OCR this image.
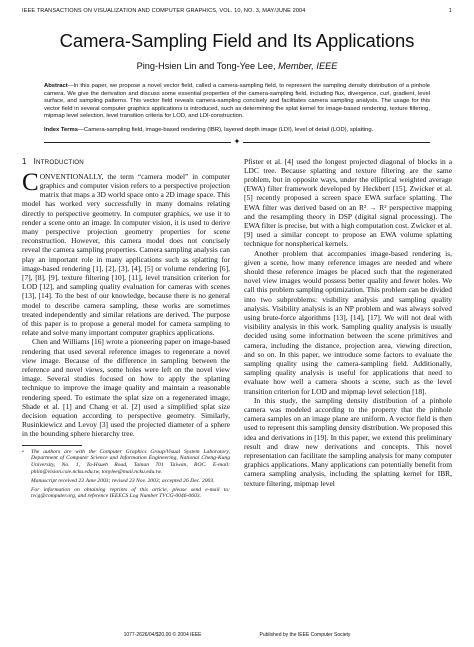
IEEE TRANSACTIONS ON VISUALIZATION AND COMPUTER GRAPHICS, VOL. 10, NO. 3, MAY/JUNE 2004	1
Camera-Sampling Field and Its Applications
Ping-Hsien Lin and Tong-Yee Lee, Member, IEEE
Abstract—In this paper, we propose a novel vector field, called a camera-sampling field, to represent the sampling density distribution of a pinhole camera. We give the derivation and discuss some essential properties of the camera-sampling field, including flux, divergence, curl, gradient, level surface, and sampling patterns. This vector field reveals camera-sampling concisely and facilitates camera sampling analysis. The usage for this vector field in several computer graphics applications is introduced, such as determining the splat kernel for image-based rendering, texture filtering, mipmap level selection, level transition criteria for LOD, and LDI-construction.
Index Terms—Camera-sampling field, image-based rendering (IBR), layered depth image (LDI), level of detail (LOD), splatting.
✦
1 INTRODUCTION

CONVENTIONALLY, the term “camera model” in computer graphics and computer vision refers to a perspective projection matrix that maps a 3D world space onto a 2D image space. This model has worked very successfully in many domains relating directly to perspective geometry. In computer graphics, we use it to render a scene onto an image. In computer vision, it is used to derive many perspective projection geometry properties for scene reconstruction. However, this camera model does not concisely reveal the camera sampling properties. Camera sampling analysis can play an important role in many applications such as splatting for image-based rendering [1], [2], [3], [4], [5] or volume rendering [6], [7], [8], [9], texture filtering [10], [11], level transition criterion for LOD [12], and sampling quality evaluation for cameras with scenes [13], [14]. To the best of our knowledge, because there is no general model to describe camera sampling, these works are sometimes treated independently and similar relations are derived. The purpose of this paper is to propose a general model for camera sampling to relate and solve many important computer graphics applications.

Chen and Williams [16] wrote a pioneering paper on image-based rendering that used several reference images to regenerate a novel view image. Because of the difference in sampling between the reference and novel views, some holes were left on the novel view image. Several studies focused on how to apply the splatting technique to improve the image quality and maintain a reasonable rendering speed. To estimate the splat size on a regenerated image, Shade et al. [1] and Chang et al. [2] used a simplified splat size decision equation according to perspective geometry. Similarly, Rusinkiewicz and Levoy [3] used the projected diameter of a sphere in the bounding sphere hierarchy tree.

•	The authors are with the Computer Graphics Group/Visual System Laboratory, Department of Computer Science and Information Engineering, National Cheng-Kung University, No. 1, Ta-Hsueh Road, Tainan 701 Taiwan, ROC. E-mail: phlin@vision.csie.ncku.edu.tw, tonylee@mail.ncku.edu.tw.
Manuscript received 23 June 2003; revised 23 Nov. 2003; accepted 26 Dec. 2003.
For information on obtaining reprints of this article, please send e-mail to: tvcg@computer.org, and reference IEEECS Log Number TVCG-0046-0603.

Pfister et al. [4] used the longest projected diagonal of blocks in a LDC tree. Because splatting and texture filtering are the same problem, but in opposite ways, under the elliptical weighted average (EWA) filter framework developed by Heckbert [15], Zwicker et al. [5] recently proposed a screen space EWA surface splatting. The EWA filter was derived based on an R² → R² perspective mapping and the resampling theory in DSP (digital signal processing). The EWA filter is precise, but with a high computation cost. Zwicker et al. [9] used a similar concept to propose an EWA volume splatting technique for nonspherical kernels.

Another problem that accompanies image-based rendering is, given a scene, how many reference images are needed and where should these reference images be placed such that the regenerated novel view images would possess better quality and fewer holes. We call this problem sampling optimization. This problem can be divided into two subproblems: visibility analysis and sampling quality analysis. Visibility analysis is an NP problem and was always solved using brute-force algorithms [13], [14], [17]. We will not deal with visibility analysis in this work. Sampling quality analysis is usually decided using some information between the scene primitives and camera, including the distance, projection area, viewing direction, and so on. In this paper, we introduce some factors to evaluate the sampling quality using the camera-sampling field. Additionally, sampling quality analysis is useful for applications that need to evaluate how well a camera shoots a scene, such as the level transition criterion for LOD and mipmap level selection [18].

In this study, the sampling density distribution of a pinhole camera was modeled according to the property that the pinhole camera samples on an image plane are uniform. A vector field is then used to represent this sampling density distribution. We proposed this idea and derivations in [19]. In this paper, we extend this preliminary result and draw new derivations and concepts. This novel representation can facilitate the sampling analysis for many computer graphics applications. Many applications can potentially benefit from camera sampling analysis, including the splatting kernel for IBR, texture filtering, mipmap level

1077-2626/04/$20.00 © 2004 IEEE	Published by the IEEE Computer Society
